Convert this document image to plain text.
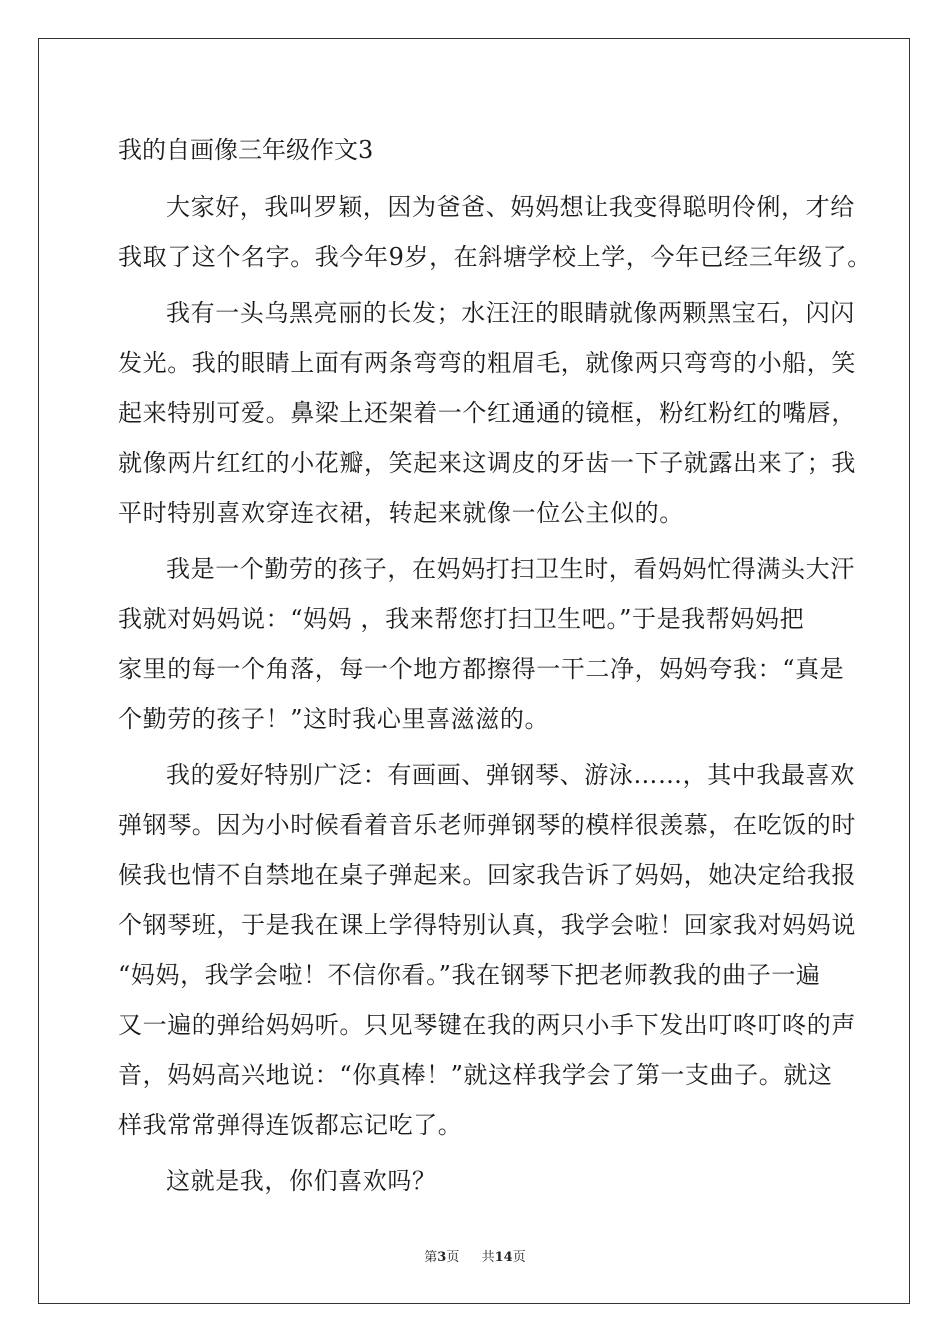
我的自画像三年级作文3
大家好，我叫罗颖，因为爸爸、妈妈想让我变得聪明伶俐，才给
我取了这个名字。我今年9岁，在斜塘学校上学，今年已经三年级了。
我有一头乌黑亮丽的长发；水汪汪的眼睛就像两颗黑宝石，闪闪
发光。我的眼睛上面有两条弯弯的粗眉毛，就像两只弯弯的小船，笑
起来特别可爱。鼻梁上还架着一个红通通的镜框，粉红粉红的嘴唇，
就像两片红红的小花瓣，笑起来这调皮的牙齿一下子就露出来了；我
平时特别喜欢穿连衣裙，转起来就像一位公主似的。
我是一个勤劳的孩子，在妈妈打扫卫生时，看妈妈忙得满头大汗
我就对妈妈说：“妈妈 ，我来帮您打扫卫生吧。”于是我帮妈妈把
家里的每一个角落，每一个地方都擦得一干二净，妈妈夸我：“真是
个勤劳的孩子！”这时我心里喜滋滋的。
我的爱好特别广泛：有画画、弹钢琴、游泳……，其中我最喜欢
弹钢琴。因为小时候看着音乐老师弹钢琴的模样很羡慕，在吃饭的时
候我也情不自禁地在桌子弹起来。回家我告诉了妈妈，她决定给我报
个钢琴班，于是我在课上学得特别认真，我学会啦！回家我对妈妈说
“妈妈，我学会啦！不信你看。”我在钢琴下把老师教我的曲子一遍
又一遍的弹给妈妈听。只见琴键在我的两只小手下发出叮咚叮咚的声
音，妈妈高兴地说：“你真棒！”就这样我学会了第一支曲子。就这
样我常常弹得连饭都忘记吃了。
这就是我，你们喜欢吗？
第3页 共14页
